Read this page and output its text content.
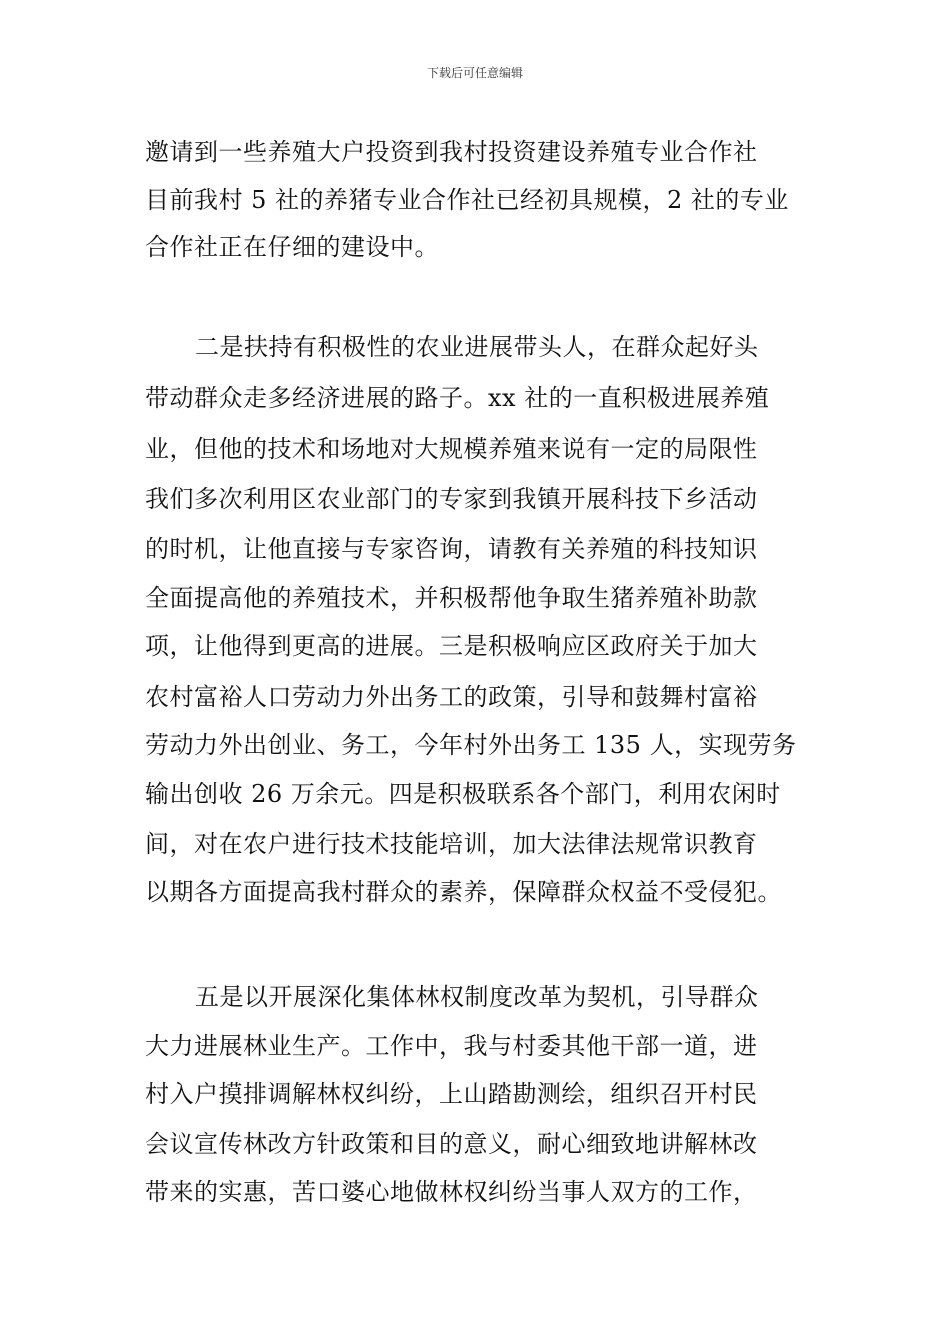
下载后可任意编辑
邀请到一些养殖大户投资到我村投资建设养殖专业合作社
目前我村 5 社的养猪专业合作社已经初具规模，2 社的专业
合作社正在仔细的建设中。
二是扶持有积极性的农业进展带头人，在群众起好头
带动群众走多经济进展的路子。xx 社的一直积极进展养殖
业，但他的技术和场地对大规模养殖来说有一定的局限性
我们多次利用区农业部门的专家到我镇开展科技下乡活动
的时机，让他直接与专家咨询，请教有关养殖的科技知识
全面提高他的养殖技术，并积极帮他争取生猪养殖补助款
项，让他得到更高的进展。三是积极响应区政府关于加大
农村富裕人口劳动力外出务工的政策，引导和鼓舞村富裕
劳动力外出创业、务工，今年村外出务工 135 人，实现劳务
输出创收 26 万余元。四是积极联系各个部门，利用农闲时
间，对在农户进行技术技能培训，加大法律法规常识教育
以期各方面提高我村群众的素养，保障群众权益不受侵犯。
五是以开展深化集体林权制度改革为契机，引导群众
大力进展林业生产。工作中，我与村委其他干部一道，进
村入户摸排调解林权纠纷，上山踏勘测绘，组织召开村民
会议宣传林改方针政策和目的意义，耐心细致地讲解林改
带来的实惠，苦口婆心地做林权纠纷当事人双方的工作，
